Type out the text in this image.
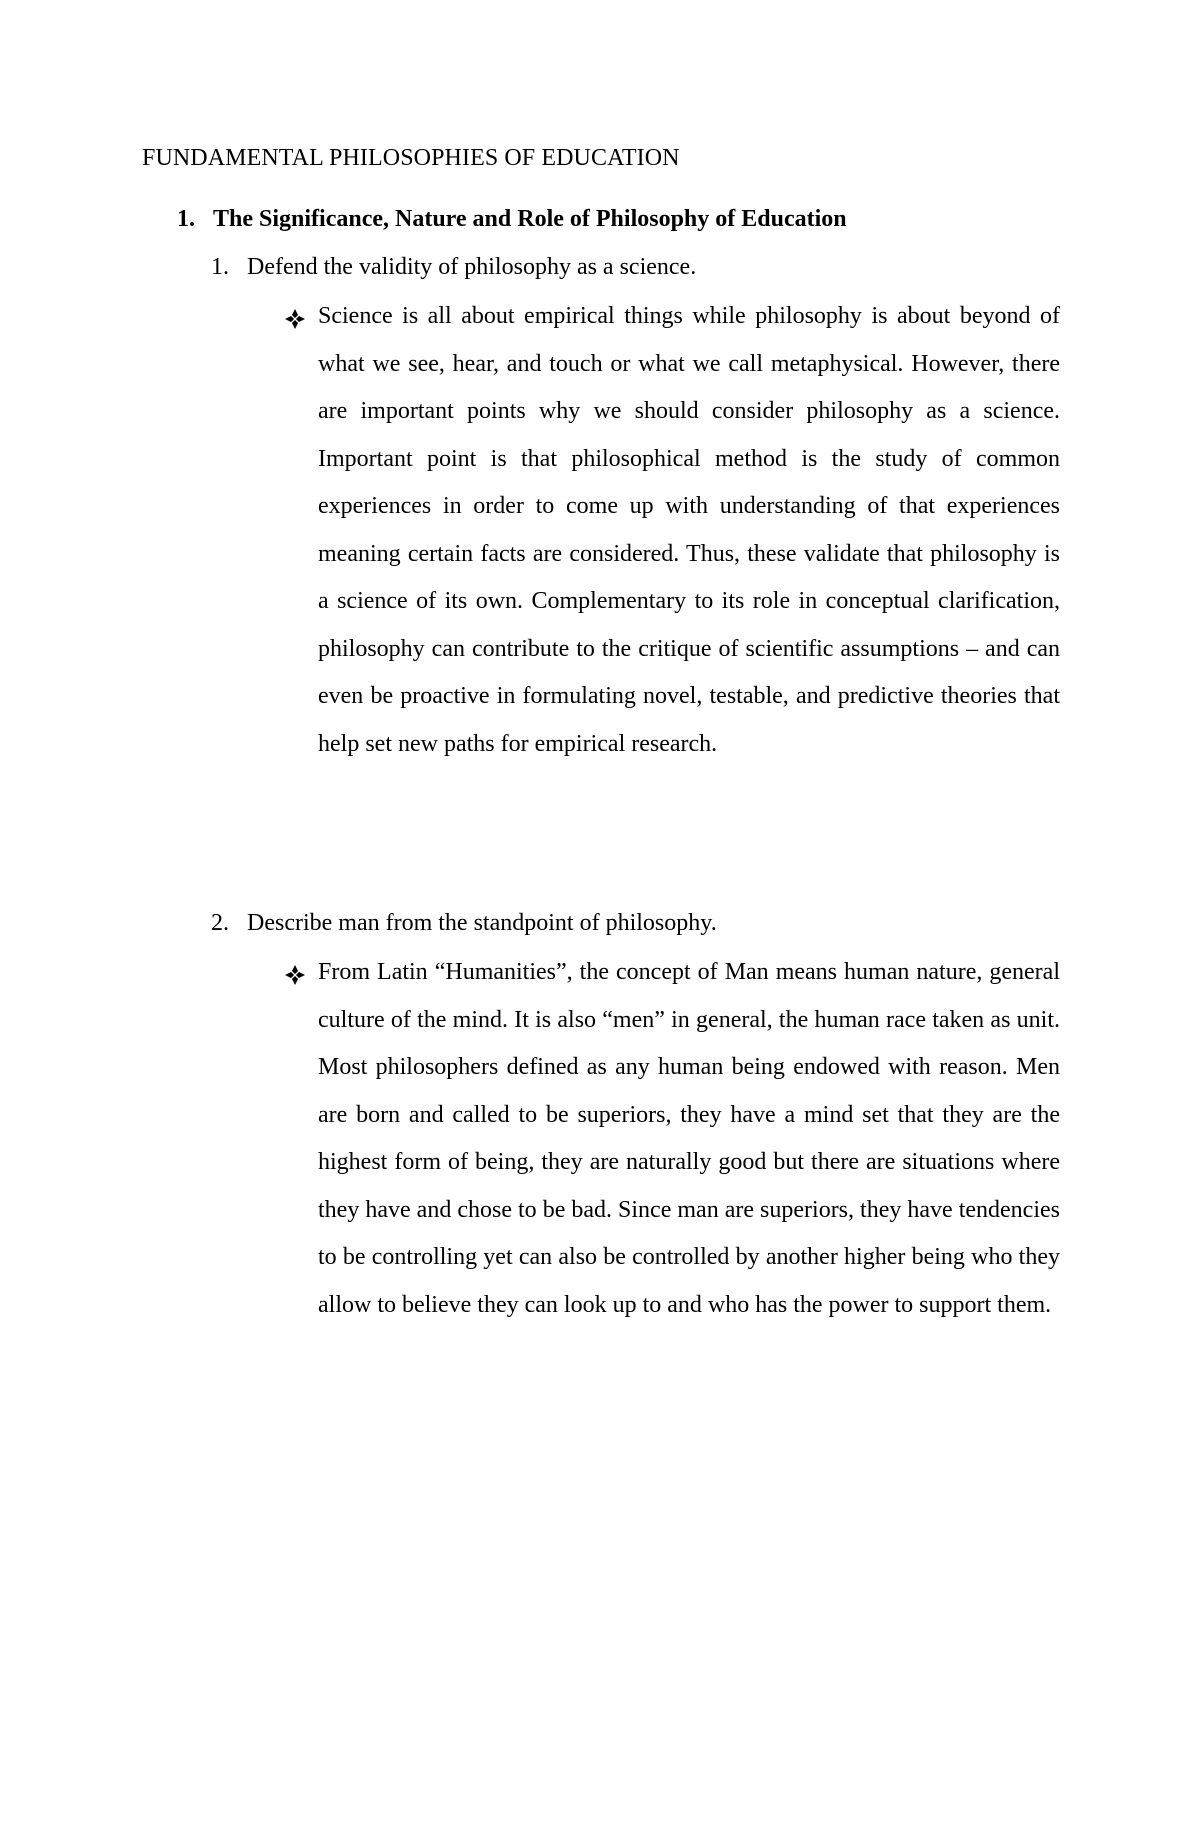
FUNDAMENTAL PHILOSOPHIES OF EDUCATION
1. The Significance, Nature and Role of Philosophy of Education
1. Defend the validity of philosophy as a science.

Science is all about empirical things while philosophy is about beyond of what we see, hear, and touch or what we call metaphysical. However, there are important points why we should consider philosophy as a science. Important point is that philosophical method is the study of common experiences in order to come up with understanding of that experiences meaning certain facts are considered. Thus, these validate that philosophy is a science of its own. Complementary to its role in conceptual clarification, philosophy can contribute to the critique of scientific assumptions – and can even be proactive in formulating novel, testable, and predictive theories that help set new paths for empirical research.

2. Describe man from the standpoint of philosophy.

From Latin “Humanities”, the concept of Man means human nature, general culture of the mind. It is also “men” in general, the human race taken as unit. Most philosophers defined as any human being endowed with reason. Men are born and called to be superiors, they have a mind set that they are the highest form of being, they are naturally good but there are situations where they have and chose to be bad. Since man are superiors, they have tendencies to be controlling yet can also be controlled by another higher being who they allow to believe they can look up to and who has the power to support them.
